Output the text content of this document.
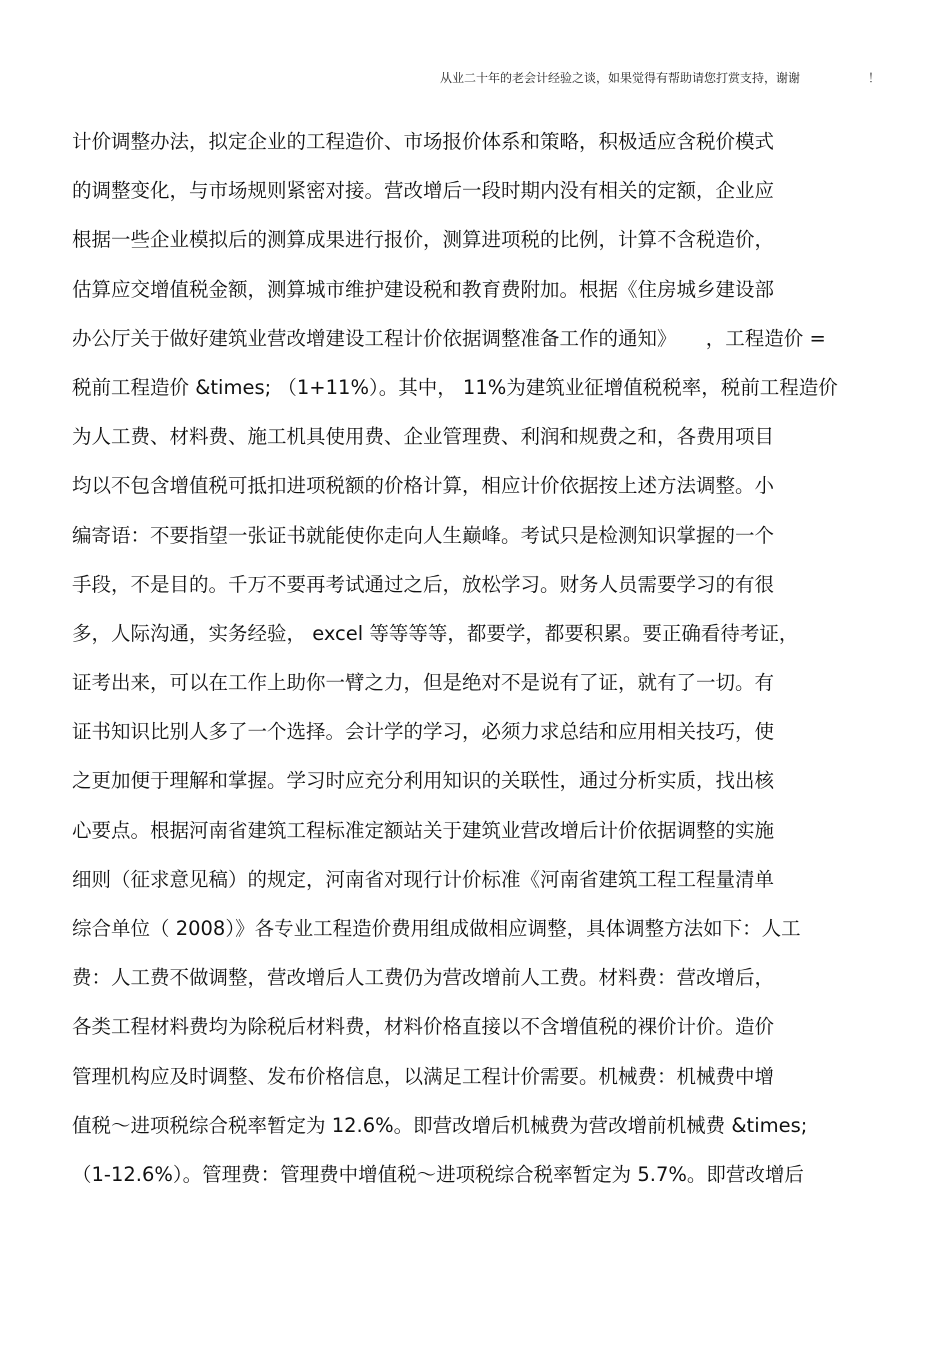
从业二十年的老会计经验之谈，如果觉得有帮助请您打赏支持，谢谢	！
计价调整办法，拟定企业的工程造价、市场报价体系和策略，积极适应含税价模式
的调整变化，与市场规则紧密对接。营改增后一段时期内没有相关的定额，企业应
根据一些企业模拟后的测算成果进行报价，测算进项税的比例，计算不含税造价，
估算应交增值税金额，测算城市维护建设税和教育费附加。根据《住房城乡建设部
办公厅关于做好建筑业营改增建设工程计价依据调整准备工作的通知》　　，工程造价 =
税前工程造价 &times; （1+11%）。其中， 11%为建筑业征增值税税率，税前工程造价
为人工费、材料费、施工机具使用费、企业管理费、利润和规费之和，各费用项目
均以不包含增值税可抵扣进项税额的价格计算，相应计价依据按上述方法调整。小
编寄语：不要指望一张证书就能使你走向人生巅峰。考试只是检测知识掌握的一个
手段，不是目的。千万不要再考试通过之后，放松学习。财务人员需要学习的有很
多，人际沟通，实务经验， excel 等等等等，都要学，都要积累。要正确看待考证，
证考出来，可以在工作上助你一臂之力，但是绝对不是说有了证，就有了一切。有
证书知识比别人多了一个选择。会计学的学习，必须力求总结和应用相关技巧，使
之更加便于理解和掌握。学习时应充分利用知识的关联性，通过分析实质，找出核
心要点。根据河南省建筑工程标准定额站关于建筑业营改增后计价依据调整的实施
细则（征求意见稿）的规定，河南省对现行计价标准《河南省建筑工程工程量清单
综合单位（ 2008）》各专业工程造价费用组成做相应调整，具体调整方法如下：人工
费：人工费不做调整，营改增后人工费仍为营改增前人工费。材料费：营改增后，
各类工程材料费均为除税后材料费，材料价格直接以不含增值税的裸价计价。造价
管理机构应及时调整、发布价格信息，以满足工程计价需要。机械费：机械费中增
值税～进项税综合税率暂定为 12.6%。即营改增后机械费为营改增前机械费 &times;
（1-12.6%）。管理费：管理费中增值税～进项税综合税率暂定为 5.7%。即营改增后
